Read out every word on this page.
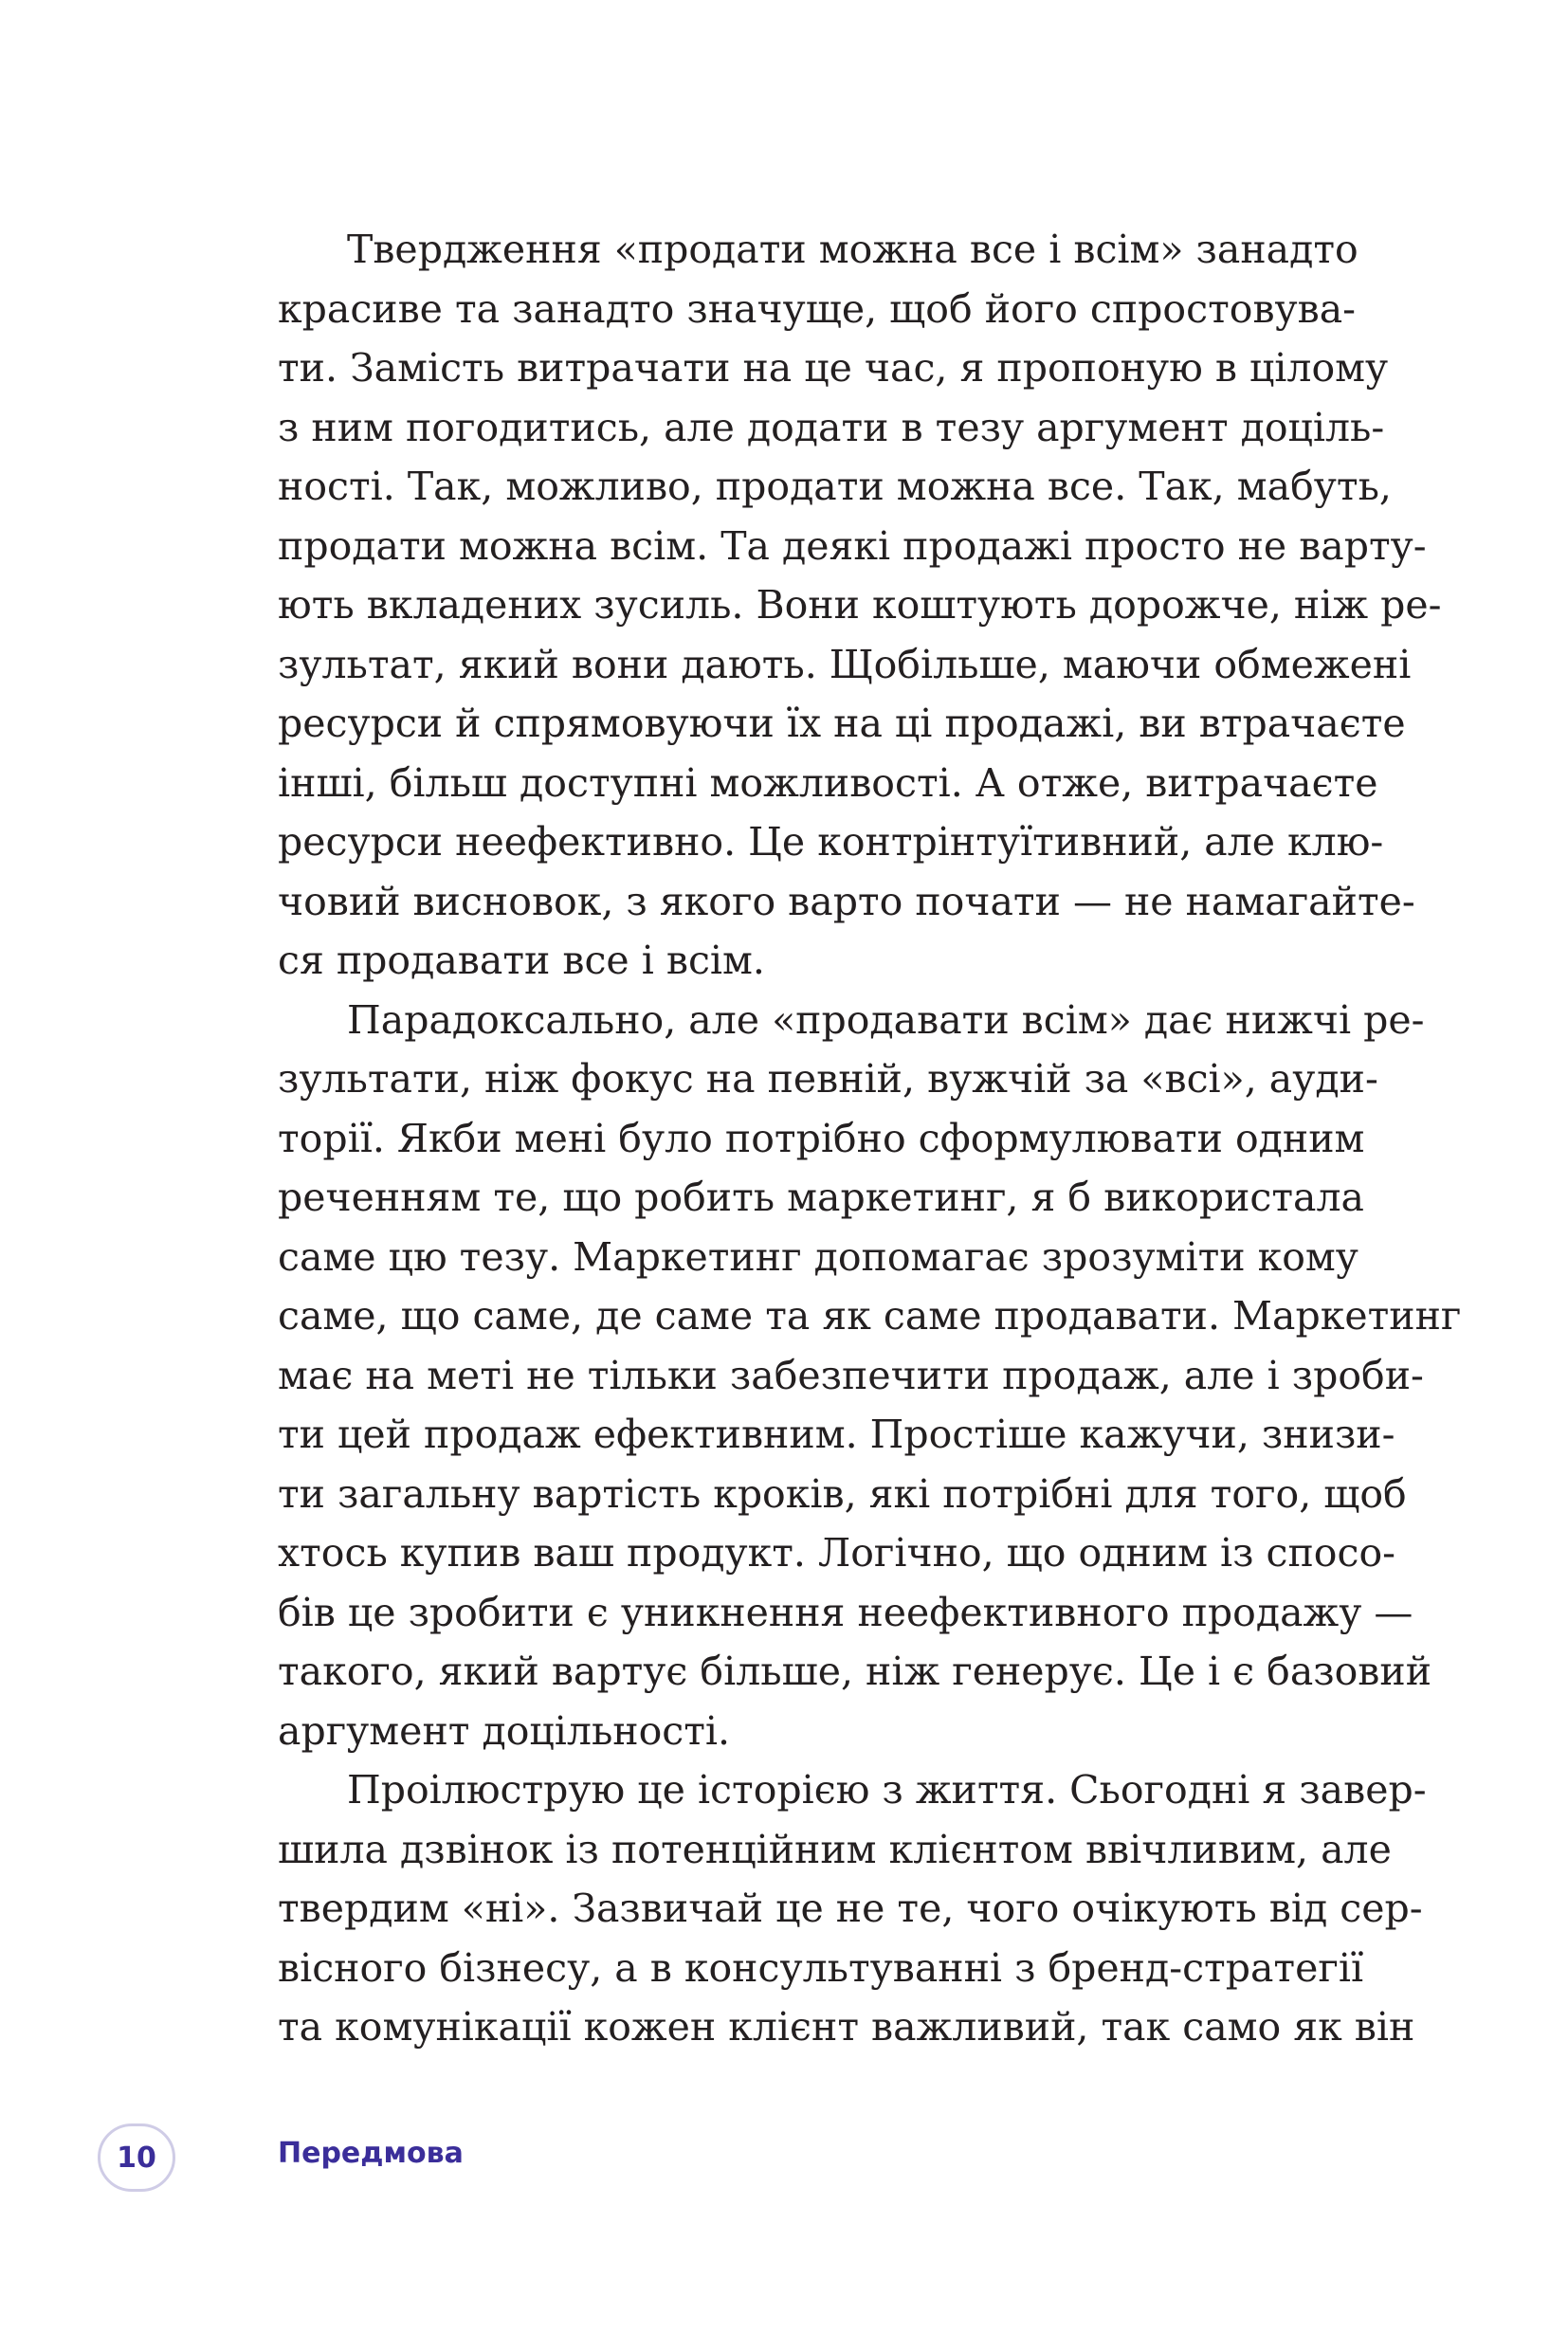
Твердження «продати можна все і всім» занадто
красиве та занадто значуще, щоб його спростовува-
ти. Замість витрачати на це час, я пропоную в цілому
з ним погодитись, але додати в тезу аргумент доціль-
ності. Так, можливо, продати можна все. Так, мабуть,
продати можна всім. Та деякі продажі просто не варту-
ють вкладених зусиль. Вони коштують дорожче, ніж ре-
зультат, який вони дають. Щобільше, маючи обмежені
ресурси й спрямовуючи їх на ці продажі, ви втрачаєте
інші, більш доступні можливості. А отже, витрачаєте
ресурси неефективно. Це контрінтуїтивний, але клю-
човий висновок, з якого варто почати — не намагайте-
ся продавати все і всім.
Парадоксально, але «продавати всім» дає нижчі ре-
зультати, ніж фокус на певній, вужчій за «всі», ауди-
торії. Якби мені було потрібно сформулювати одним
реченням те, що робить маркетинг, я б використала
саме цю тезу. Маркетинг допомагає зрозуміти кому
саме, що саме, де саме та як саме продавати. Маркетинг
має на меті не тільки забезпечити продаж, але і зроби-
ти цей продаж ефективним. Простіше кажучи, знизи-
ти загальну вартість кроків, які потрібні для того, щоб
хтось купив ваш продукт. Логічно, що одним із спосо-
бів це зробити є уникнення неефективного продажу —
такого, який вартує більше, ніж генерує. Це і є базовий
аргумент доцільності.
Проілюструю це історією з життя. Сьогодні я завер-
шила дзвінок із потенційним клієнтом ввічливим, але
твердим «ні». Зазвичай це не те, чого очікують від сер-
вісного бізнесу, а в консультуванні з бренд-стратегії
та комунікації кожен клієнт важливий, так само як він
10	Передмова
